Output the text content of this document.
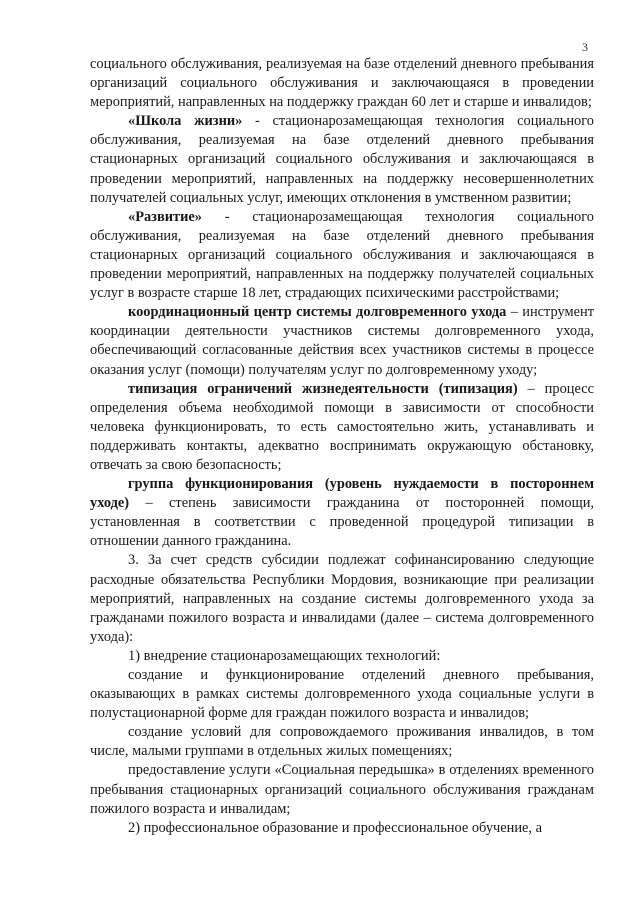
3

социального обслуживания, реализуемая на базе отделений дневного пребывания организаций социального обслуживания и заключающаяся в проведении мероприятий, направленных на поддержку граждан 60 лет и старше и инвалидов;

«Школа жизни» - стационарозамещающая технология социального обслуживания, реализуемая на базе отделений дневного пребывания стационарных организаций социального обслуживания и заключающаяся в проведении мероприятий, направленных на поддержку несовершеннолетних получателей социальных услуг, имеющих отклонения в умственном развитии;

«Развитие» - стационарозамещающая технология социального обслуживания, реализуемая на базе отделений дневного пребывания стационарных организаций социального обслуживания и заключающаяся в проведении мероприятий, направленных на поддержку получателей социальных услуг в возрасте старше 18 лет, страдающих психическими расстройствами;

координационный центр системы долговременного ухода – инструмент координации деятельности участников системы долговременного ухода, обеспечивающий согласованные действия всех участников системы в процессе оказания услуг (помощи) получателям услуг по долговременному уходу;

типизация ограничений жизнедеятельности (типизация) – процесс определения объема необходимой помощи в зависимости от способности человека функционировать, то есть самостоятельно жить, устанавливать и поддерживать контакты, адекватно воспринимать окружающую обстановку, отвечать за свою безопасность;

группа функционирования (уровень нуждаемости в постороннем уходе) – степень зависимости гражданина от посторонней помощи, установленная в соответствии с проведенной процедурой типизации в отношении данного гражданина.

3. За счет средств субсидии подлежат софинансированию следующие расходные обязательства Республики Мордовия, возникающие при реализации мероприятий, направленных на создание системы долговременного ухода за гражданами пожилого возраста и инвалидами (далее – система долговременного ухода):

1) внедрение стационарозамещающих технологий:

создание и функционирование отделений дневного пребывания, оказывающих в рамках системы долговременного ухода социальные услуги в полустационарной форме для граждан пожилого возраста и инвалидов;

создание условий для сопровождаемого проживания инвалидов, в том числе, малыми группами в отдельных жилых помещениях;

предоставление услуги «Социальная передышка» в отделениях временного пребывания стационарных организаций социального обслуживания гражданам пожилого возраста и инвалидам;

2) профессиональное образование и профессиональное обучение, а
